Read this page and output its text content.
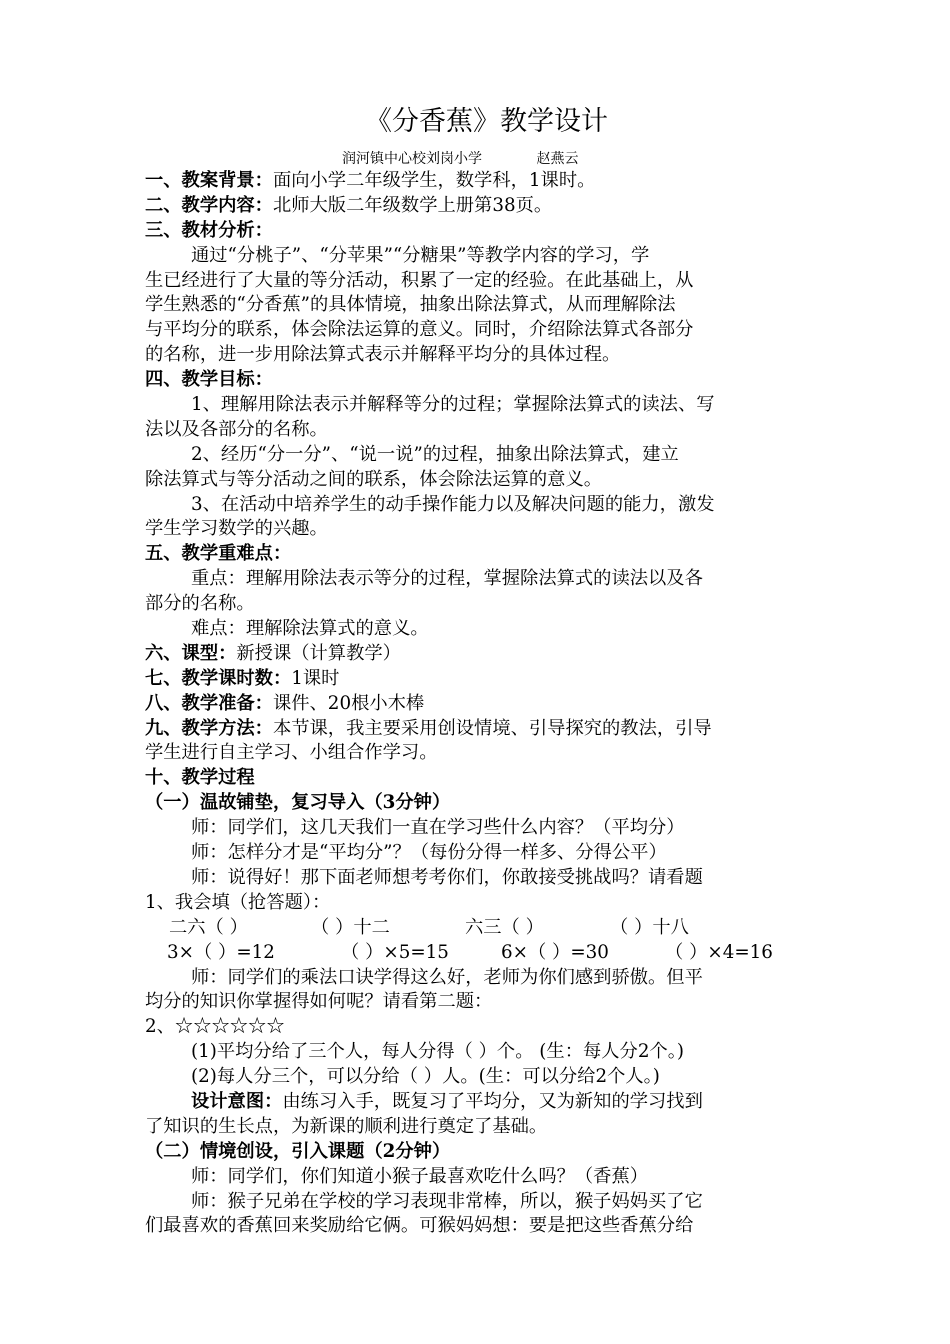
《分香蕉》教学设计
润河镇中心校刘岗小学	赵燕云
一、教案背景：面向小学二年级学生，数学科，1课时。
二、教学内容：北师大版二年级数学上册第38页。
三、教材分析：
通过“分桃子”、“分苹果”“分糖果”等教学内容的学习，学
生已经进行了大量的等分活动，积累了一定的经验。在此基础上，从
学生熟悉的“分香蕉”的具体情境，抽象出除法算式，从而理解除法
与平均分的联系，体会除法运算的意义。同时，介绍除法算式各部分
的名称，进一步用除法算式表示并解释平均分的具体过程。
四、教学目标：
1、理解用除法表示并解释等分的过程；掌握除法算式的读法、写
法以及各部分的名称。
2、经历“分一分”、“说一说”的过程，抽象出除法算式，建立
除法算式与等分活动之间的联系，体会除法运算的意义。
3、在活动中培养学生的动手操作能力以及解决问题的能力，激发
学生学习数学的兴趣。
五、教学重难点：
重点：理解用除法表示等分的过程，掌握除法算式的读法以及各
部分的名称。
难点：理解除法算式的意义。
六、课型：新授课（计算教学）
七、教学课时数：1课时
八、教学准备：课件、20根小木棒
九、教学方法：本节课，我主要采用创设情境、引导探究的教法，引导
学生进行自主学习、小组合作学习。
十、教学过程
（一）温故铺垫，复习导入（3分钟）
师：同学们，这几天我们一直在学习些什么内容？（平均分）
师：怎样分才是“平均分”？（每份分得一样多、分得公平）
师：说得好！那下面老师想考考你们，你敢接受挑战吗？请看题
1、我会填（抢答题）：
二六（ ）	（ ）十二	六三（ ）	（ ）十八
3×（ ）=12	（ ）×5=15	6×（ ）=30	（ ）×4=16
师：同学们的乘法口诀学得这么好，老师为你们感到骄傲。但平
均分的知识你掌握得如何呢？请看第二题：
2、☆☆☆☆☆☆
(1)平均分给了三个人，每人分得（ ）个。 (生：每人分2个。)
(2)每人分三个，可以分给（ ）人。(生：可以分给2个人。)
设计意图：由练习入手，既复习了平均分，又为新知的学习找到
了知识的生长点，为新课的顺利进行奠定了基础。
（二）情境创设，引入课题（2分钟）
师：同学们，你们知道小猴子最喜欢吃什么吗？（香蕉）
师：猴子兄弟在学校的学习表现非常棒，所以，猴子妈妈买了它
们最喜欢的香蕉回来奖励给它俩。可猴妈妈想：要是把这些香蕉分给
